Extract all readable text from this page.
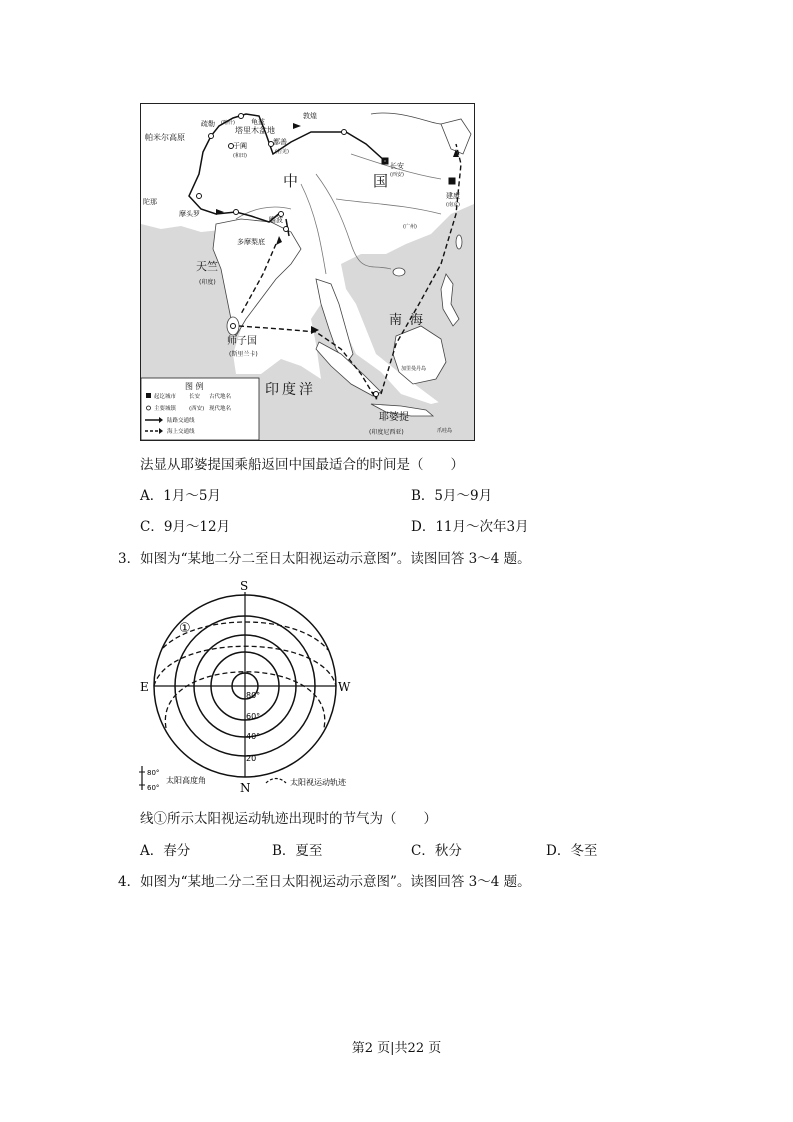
帕米尔高原
疏勒 (喀什) 龟兹
塔里木盆地
于阗
(和田)
鄯善
(若羌)
敦煌
长安
(西安)
建康
(南京)
(广州)
陀那
摩头罗
瞻波
多摩梨底
天竺
(印度)
师子国
(斯里兰卡)
耶婆提
(印度尼西亚)
加里曼丹岛
爪哇岛
南海
印度洋
中	国
图 例
起讫城市 长安 古代地名
主要城镇 (西安) 现代地名
陆路交通线
海上交通线
法显从耶婆提国乘船返回中国最适合的时间是（　　）
A．1月～5月	B．5月～9月
C．9月～12月	D．11月～次年3月
3．如图为“某地二分二至日太阳视运动示意图”。读图回答 3～4 题。
S
N
E	W
80°
60°
40°
20
①
80°
60°
太阳高度角	太阳视运动轨迹
线①所示太阳视运动轨迹出现时的节气为（　　）
A．春分	B．夏至	C．秋分	D．冬至
4．如图为“某地二分二至日太阳视运动示意图”。读图回答 3～4 题。
第2 页|共22 页
